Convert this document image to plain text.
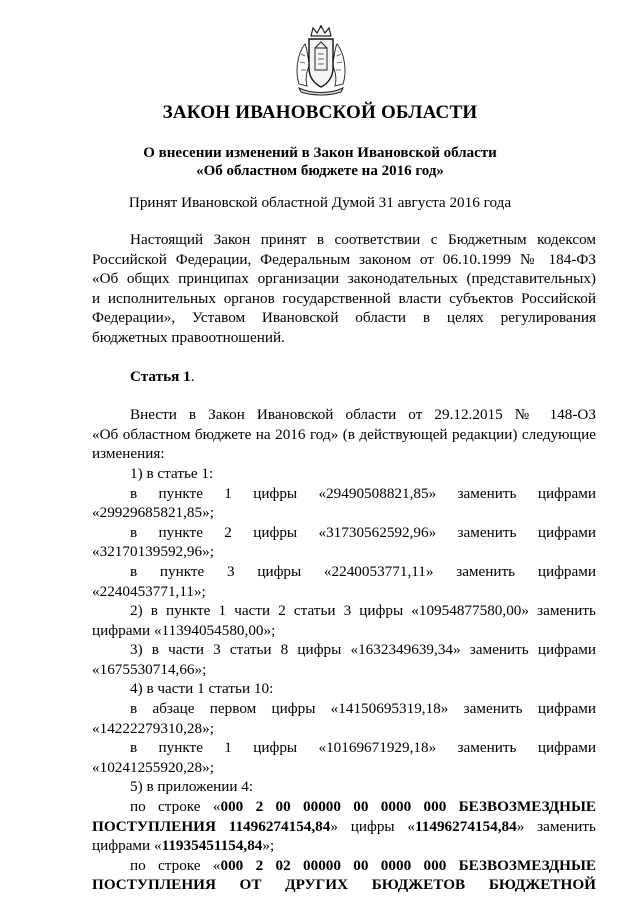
ЗАКОН ИВАНОВСКОЙ ОБЛАСТИ
О внесении изменений в Закон Ивановской области
«Об областном бюджете на 2016 год»
Принят Ивановской областной Думой 31 августа 2016 года

Настоящий Закон принят в соответствии с Бюджетным кодексом

Российской Федерации, Федеральным законом от 06.10.1999 № 184-ФЗ

«Об общих принципах организации законодательных (представительных)

и исполнительных органов государственной власти субъектов Российской

Федерации», Уставом Ивановской области в целях регулирования

бюджетных правоотношений.

Статья 1.

Внести в Закон Ивановской области от 29.12.2015 № 148-ОЗ

«Об областном бюджете на 2016 год» (в действующей редакции) следующие

изменения:

1) в статье 1:

в пункте 1 цифры «29490508821,85» заменить цифрами

«29929685821,85»;

в пункте 2 цифры «31730562592,96» заменить цифрами

«32170139592,96»;

в пункте 3 цифры «2240053771,11» заменить цифрами

«2240453771,11»;

2) в пункте 1 части 2 статьи 3 цифры «10954877580,00» заменить

цифрами «11394054580,00»;

3) в части 3 статьи 8 цифры «1632349639,34» заменить цифрами

«1675530714,66»;

4) в части 1 статьи 10:

в абзаце первом цифры «14150695319,18» заменить цифрами

«14222279310,28»;

в пункте 1 цифры «10169671929,18» заменить цифрами

«10241255920,28»;

5) в приложении 4:

по строке «000 2 00 00000 00 0000 000 БЕЗВОЗМЕЗДНЫЕ

ПОСТУПЛЕНИЯ 11496274154,84» цифры «11496274154,84» заменить

цифрами «11935451154,84»;

по строке «000 2 02 00000 00 0000 000 БЕЗВОЗМЕЗДНЫЕ

ПОСТУПЛЕНИЯ ОТ ДРУГИХ БЮДЖЕТОВ БЮДЖЕТНОЙ
